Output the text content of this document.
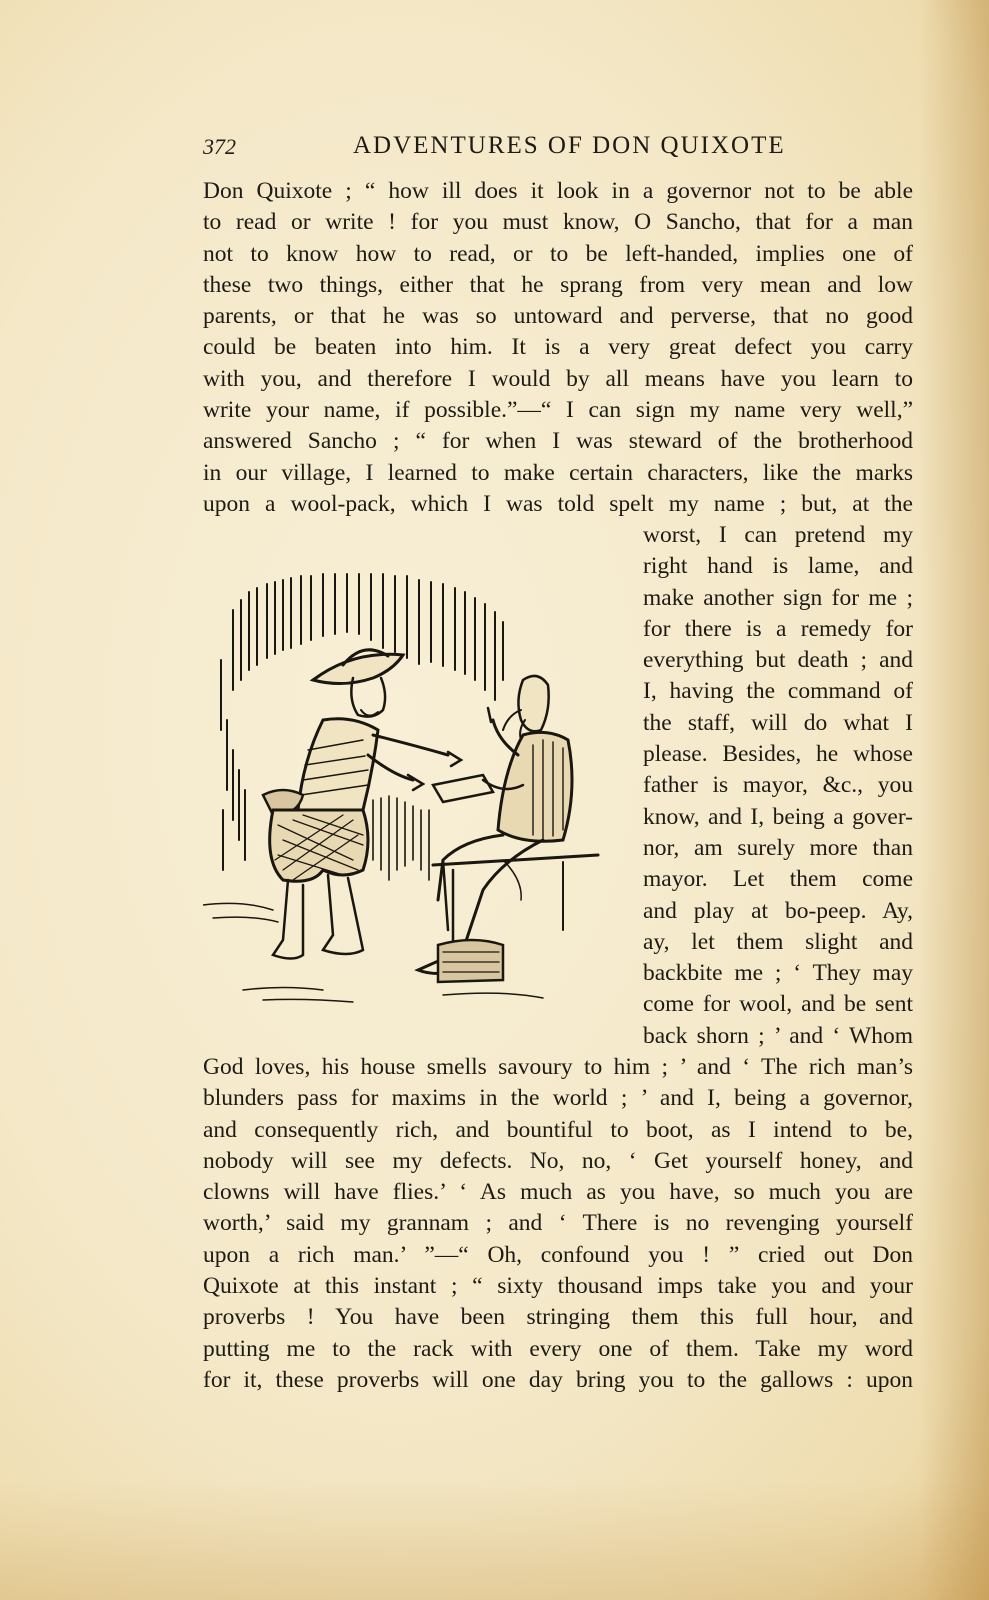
372	ADVENTURES OF DON QUIXOTE
Don Quixote ; “ how ill does it look in a governor not to be able
to read or write ! for you must know, O Sancho, that for a man
not to know how to read, or to be left-handed, implies one of
these two things, either that he sprang from very mean and low
parents, or that he was so untoward and perverse, that no good
could be beaten into him. It is a very great defect you carry
with you, and therefore I would by all means have you learn to
write your name, if possible.”—“ I can sign my name very well,”
answered Sancho ; “ for when I was steward of the brotherhood
in our village, I learned to make certain characters, like the marks
upon a wool-pack, which I was told spelt my name ; but, at the
worst, I can pretend my
right hand is lame, and
make another sign for me ;
for there is a remedy for
everything but death ; and
I, having the command of
the staff, will do what I
please. Besides, he whose
father is mayor, &c., you
know, and I, being a gover-
nor, am surely more than
mayor. Let them come
and play at bo-peep. Ay,
ay, let them slight and
backbite me ; ‘ They may
come for wool, and be sent
back shorn ; ’ and ‘ Whom
God loves, his house smells savoury to him ; ’ and ‘ The rich man’s
blunders pass for maxims in the world ; ’ and I, being a governor,
and consequently rich, and bountiful to boot, as I intend to be,
nobody will see my defects. No, no, ‘ Get yourself honey, and
clowns will have flies.’ ‘ As much as you have, so much you are
worth,’ said my grannam ; and ‘ There is no revenging yourself
upon a rich man.’ ”—“ Oh, confound you ! ” cried out Don
Quixote at this instant ; “ sixty thousand imps take you and your
proverbs ! You have been stringing them this full hour, and
putting me to the rack with every one of them. Take my word
for it, these proverbs will one day bring you to the gallows : upon
